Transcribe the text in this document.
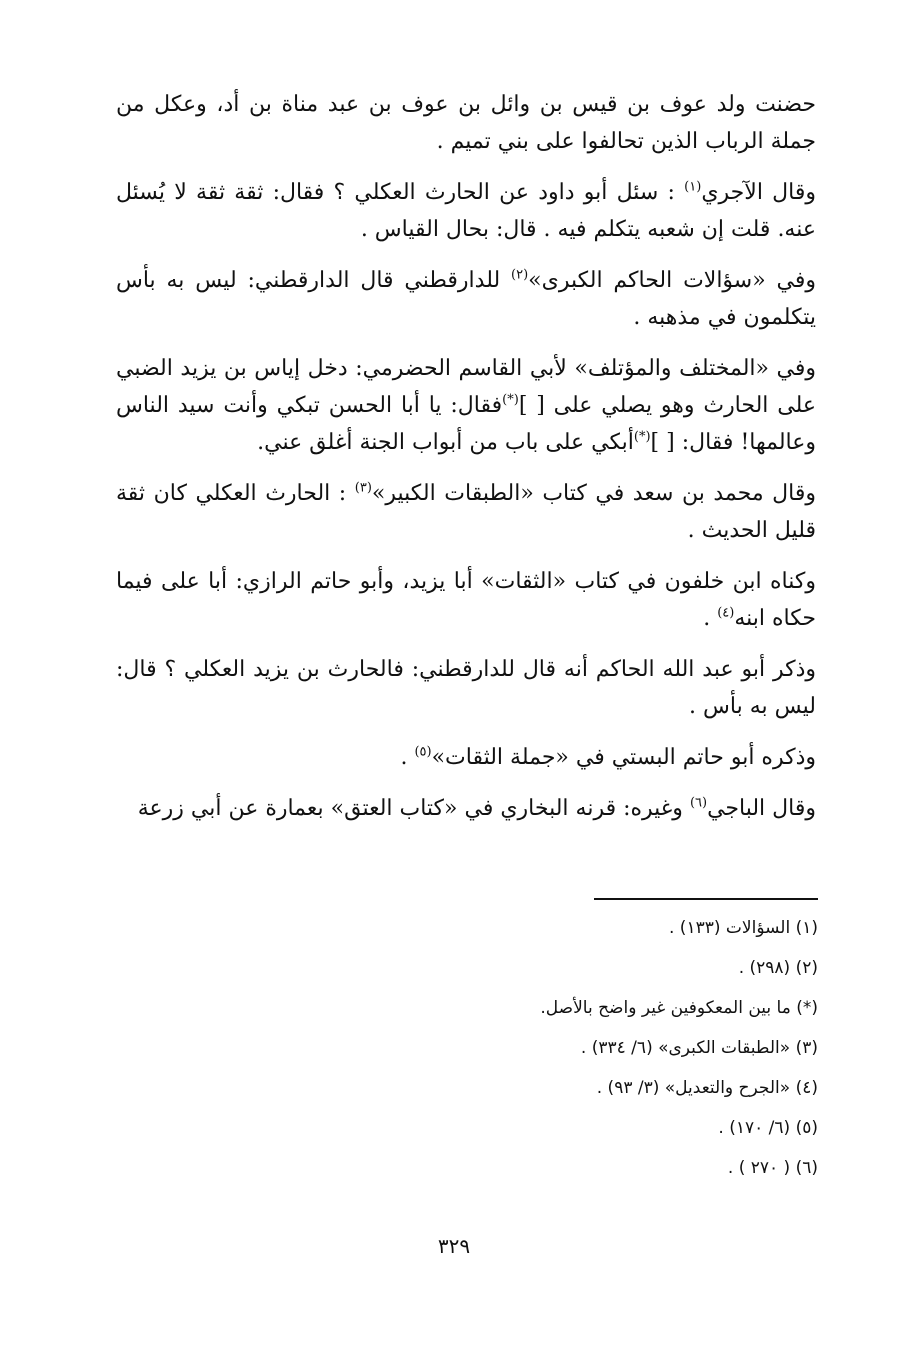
حضنت ولد عوف بن قيس بن وائل بن عوف بن عبد مناة بن أد، وعكل من جملة الرباب الذين تحالفوا على بني تميم .

وقال الآجري$^{(١)}$ : سئل أبو داود عن الحارث العكلي ؟ فقال: ثقة ثقة لا يُسئل عنه. قلت إن شعبه يتكلم فيه . قال: بحال القياس .

وفي «سؤالات الحاكم الكبرى»$^{(٢)}$ للدارقطني قال الدارقطني: ليس به بأس يتكلمون في مذهبه .

وفي «المختلف والمؤتلف» لأبي القاسم الحضرمي: دخل إياس بن يزيد الضبي على الحارث وهو يصلي على [ ](*)فقال: يا أبا الحسن تبكي وأنت سيد الناس وعالمها! فقال: [ ](*)أبكي على باب من أبواب الجنة أغلق عني.

وقال محمد بن سعد في كتاب «الطبقات الكبير»$^{(٣)}$ : الحارث العكلي كان ثقة قليل الحديث .

وكناه ابن خلفون في كتاب «الثقات» أبا يزيد، وأبو حاتم الرازي: أبا على فيما حكاه ابنه$^{(٤)}$ .

وذكر أبو عبد الله الحاكم أنه قال للدارقطني: فالحارث بن يزيد العكلي ؟ قال: ليس به بأس .

وذكره أبو حاتم البستي في «جملة الثقات»$^{(٥)}$ .

وقال الباجي$^{(٦)}$ وغيره: قرنه البخاري في «كتاب العتق» بعمارة عن أبي زرعة

(١) السؤالات (١٣٣) .

(٢) (٢٩٨) .

(*) ما بين المعكوفين غير واضح بالأصل.

(٣) «الطبقات الكبرى» (٦/ ٣٣٤) .

(٤) «الجرح والتعديل» (٣/ ٩٣) .

(٥) (٦/ ١٧٠) .

(٦) ( ٢٧٠ ) .

٣٢٩
